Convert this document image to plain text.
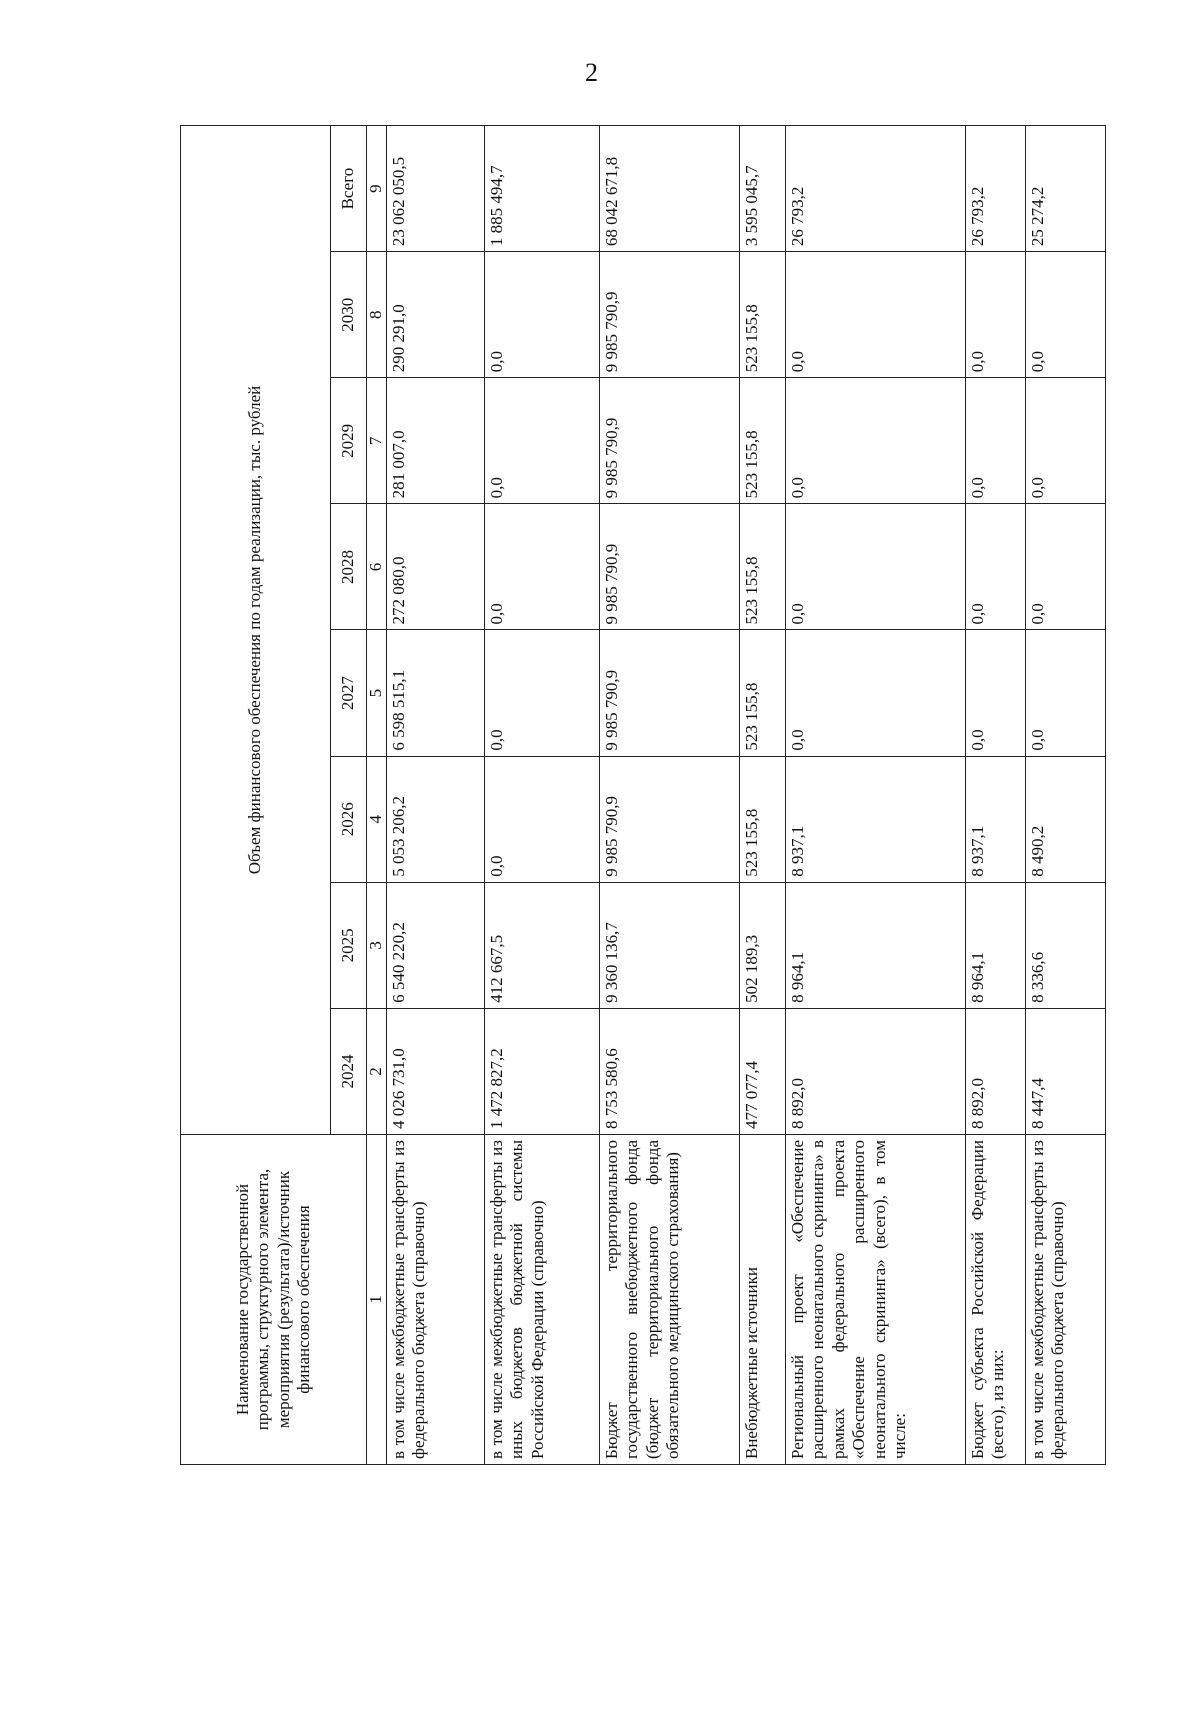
2
Наименование государственной программы, структурного элемента, мероприятия (результата)/источник финансового обеспечения	Объем финансового обеспечения по годам реализации, тыс. рублей							
	2024	2025	2026	2027	2028	2029	2030	Всего
1	2	3	4	5	6	7	8	9
в том числе межбюджетные трансферты из федерального бюджета (справочно)	4 026 731,0	6 540 220,2	5 053 206,2	6 598 515,1	272 080,0	281 007,0	290 291,0	23 062 050,5
в том числе межбюджетные трансферты из иных бюджетов бюджетной системы Российской Федерации (справочно)	1 472 827,2	412 667,5	0,0	0,0	0,0	0,0	0,0	1 885 494,7
Бюджет территориального государственного внебюджетного фонда (бюджет территориального фонда обязательного медицинского страхования)	8 753 580,6	9 360 136,7	9 985 790,9	9 985 790,9	9 985 790,9	9 985 790,9	9 985 790,9	68 042 671,8
Внебюджетные источники	477 077,4	502 189,3	523 155,8	523 155,8	523 155,8	523 155,8	523 155,8	3 595 045,7
Региональный проект «Обеспечение расширенного неонатального скрининга» в рамках федерального проекта «Обеспечение расширенного неонатального скрининга» (всего), в том числе:	8 892,0	8 964,1	8 937,1	0,0	0,0	0,0	0,0	26 793,2
Бюджет субъекта Российской Федерации (всего), из них:	8 892,0	8 964,1	8 937,1	0,0	0,0	0,0	0,0	26 793,2
в том числе межбюджетные трансферты из федерального бюджета (справочно)	8 447,4	8 336,6	8 490,2	0,0	0,0	0,0	0,0	25 274,2
